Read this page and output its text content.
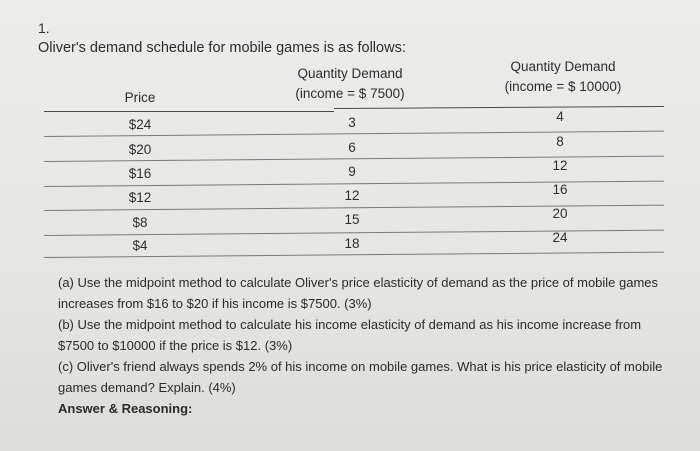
1.
Oliver's demand schedule for mobile games is as follows:
Price
Quantity Demand
(income = $ 7500)
Quantity Demand
(income = $ 10000)
$24	3	4
$20	6	8
$16	9	12
$12	12	16
$8	15	20
$4	18	24

(a) Use the midpoint method to calculate Oliver's price elasticity of demand as the price of mobile games increases from $16 to $20 if his income is $7500. (3%)

(b) Use the midpoint method to calculate his income elasticity of demand as his income increase from $7500 to $10000 if the price is $12. (3%)

(c) Oliver's friend always spends 2% of his income on mobile games. What is his price elasticity of mobile games demand? Explain. (4%)

Answer & Reasoning:
